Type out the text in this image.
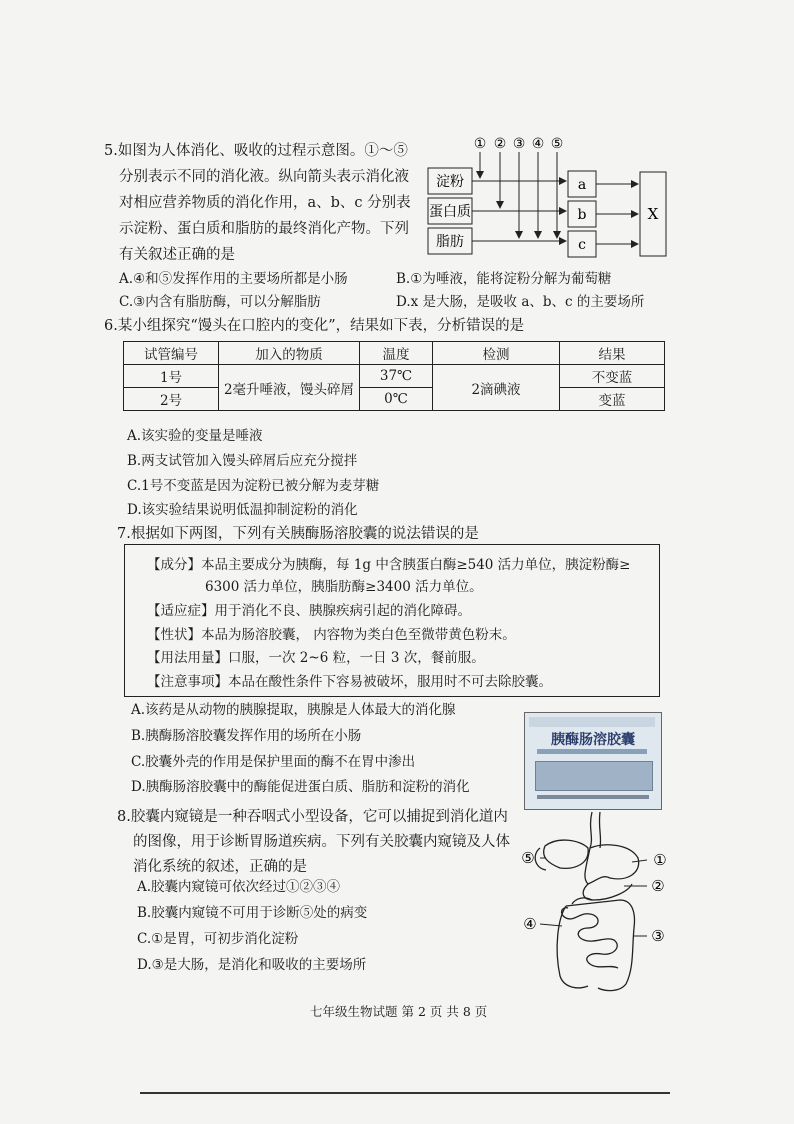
5.如图为人体消化、吸收的过程示意图。①～⑤
分别表示不同的消化液。纵向箭头表示消化液
对相应营养物质的消化作用，a、b、c 分别表
示淀粉、蛋白质和脂肪的最终消化产物。下列
有关叙述正确的是
A.④和⑤发挥作用的主要场所都是小肠	B.①为唾液，能将淀粉分解为葡萄糖
C.③内含有脂肪酶，可以分解脂肪	D.x 是大肠，是吸收 a、b、c 的主要场所
① ② ③ ④ ⑤
淀粉
蛋白质
脂肪
a
b
c
X
6.某小组探究“馒头在口腔内的变化”，结果如下表，分析错误的是
试管编号	加入的物质	温度	检测	结果
1号	2毫升唾液，馒头碎屑	37℃	2滴碘液	不变蓝
2号		0℃		变蓝
A.该实验的变量是唾液
B.两支试管加入馒头碎屑后应充分搅拌
C.1号不变蓝是因为淀粉已被分解为麦芽糖
D.该实验结果说明低温抑制淀粉的消化
7.根据如下两图，下列有关胰酶肠溶胶囊的说法错误的是
【成分】本品主要成分为胰酶，每 1g 中含胰蛋白酶≥540 活力单位，胰淀粉酶≥
6300 活力单位，胰脂肪酶≥3400 活力单位。
【适应症】用于消化不良、胰腺疾病引起的消化障碍。
【性状】本品为肠溶胶囊， 内容物为类白色至微带黄色粉末。
【用法用量】口服，一次 2~6 粒，一日 3 次，餐前服。
【注意事项】本品在酸性条件下容易被破坏，服用时不可去除胶囊。
A.该药是从动物的胰腺提取，胰腺是人体最大的消化腺
B.胰酶肠溶胶囊发挥作用的场所在小肠
C.胶囊外壳的作用是保护里面的酶不在胃中渗出
D.胰酶肠溶胶囊中的酶能促进蛋白质、脂肪和淀粉的消化
胰酶肠溶胶囊
8.胶囊内窥镜是一种吞咽式小型设备，它可以捕捉到消化道内
的图像，用于诊断胃肠道疾病。下列有关胶囊内窥镜及人体
消化系统的叙述，正确的是
A.胶囊内窥镜可依次经过①②③④
B.胶囊内窥镜不可用于诊断⑤处的病变
C.①是胃，可初步消化淀粉
D.③是大肠，是消化和吸收的主要场所
①
②
③
④
⑤
七年级生物试题 第 2 页 共 8 页
